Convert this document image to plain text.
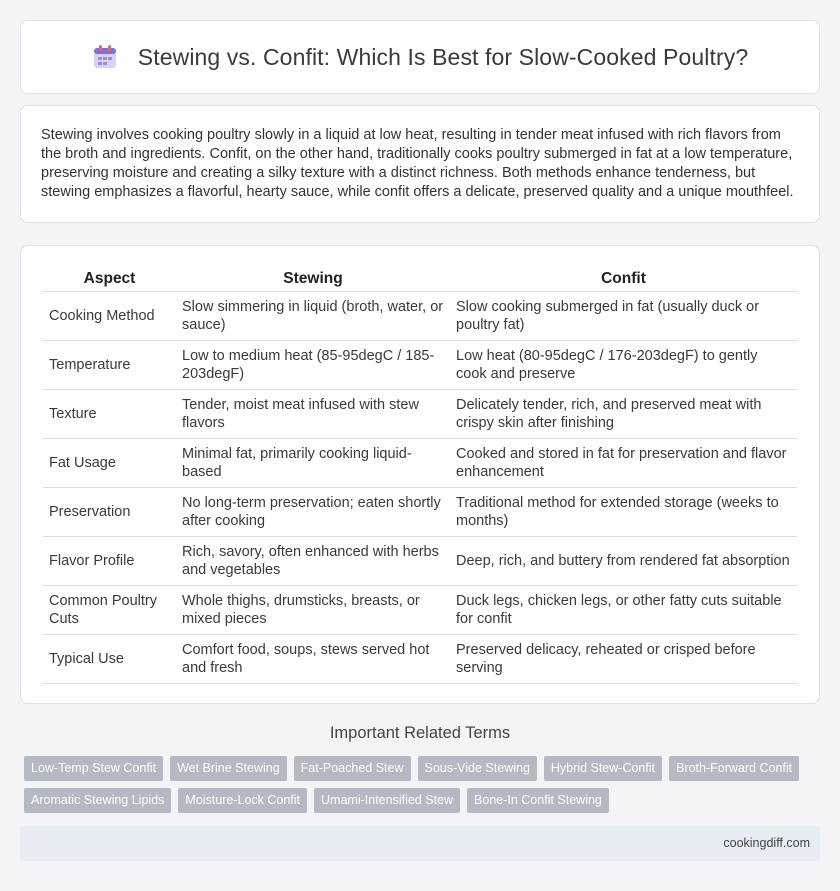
Stewing vs. Confit: Which Is Best for Slow-Cooked Poultry?

Stewing involves cooking poultry slowly in a liquid at low heat, resulting in tender meat infused with rich flavors from the broth and ingredients. Confit, on the other hand, traditionally cooks poultry submerged in fat at a low temperature, preserving moisture and creating a silky texture with a distinct richness. Both methods enhance tenderness, but stewing emphasizes a flavorful, hearty sauce, while confit offers a delicate, preserved quality and a unique mouthfeel.

Aspect	Stewing	Confit
Cooking Method	Slow simmering in liquid (broth, water, or sauce)	Slow cooking submerged in fat (usually duck or poultry fat)
Temperature	Low to medium heat (85-95degC / 185-203degF)	Low heat (80-95degC / 176-203degF) to gently cook and preserve
Texture	Tender, moist meat infused with stew flavors	Delicately tender, rich, and preserved meat with crispy skin after finishing
Fat Usage	Minimal fat, primarily cooking liquid-based	Cooked and stored in fat for preservation and flavor enhancement
Preservation	No long-term preservation; eaten shortly after cooking	Traditional method for extended storage (weeks to months)
Flavor Profile	Rich, savory, often enhanced with herbs and vegetables	Deep, rich, and buttery from rendered fat absorption
Common Poultry Cuts	Whole thighs, drumsticks, breasts, or mixed pieces	Duck legs, chicken legs, or other fatty cuts suitable for confit
Typical Use	Comfort food, soups, stews served hot and fresh	Preserved delicacy, reheated or crisped before serving
Important Related Terms
Low-Temp Stew Confit	Wet Brine Stewing	Fat-Poached Stew	Sous-Vide Stewing	Hybrid Stew-Confit	Broth-Forward Confit
Aromatic Stewing Lipids	Moisture-Lock Confit	Umami-Intensified Stew	Bone-In Confit Stewing
cookingdiff.com
